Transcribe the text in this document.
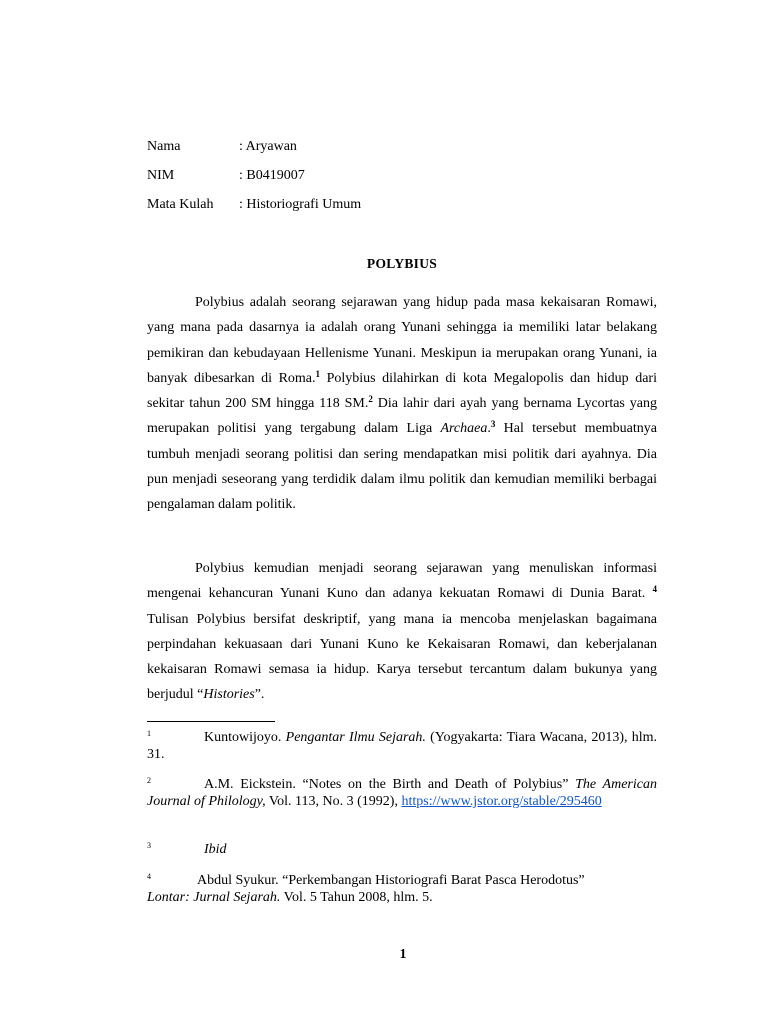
Nama	: Aryawan
NIM	: B0419007
Mata Kulah	: Historiografi Umum
POLYBIUS

Polybius adalah seorang sejarawan yang hidup pada masa kekaisaran Romawi, yang mana pada dasarnya ia adalah orang Yunani sehingga ia memiliki latar belakang pemikiran dan kebudayaan Hellenisme Yunani. Meskipun ia merupakan orang Yunani, ia banyak dibesarkan di Roma.$^1$ Polybius dilahirkan di kota Megalopolis dan hidup dari sekitar tahun 200 SM hingga 118 SM.$^2$ Dia lahir dari ayah yang bernama Lycortas yang merupakan politisi yang tergabung dalam Liga Archaea.$^3$ Hal tersebut membuatnya tumbuh menjadi seorang politisi dan sering mendapatkan misi politik dari ayahnya. Dia pun menjadi seseorang yang terdidik dalam ilmu politik dan kemudian memiliki berbagai pengalaman dalam politik.

Polybius kemudian menjadi seorang sejarawan yang menuliskan informasi mengenai kehancuran Yunani Kuno dan adanya kekuatan Romawi di Dunia Barat. $^4$ Tulisan Polybius bersifat deskriptif, yang mana ia mencoba menjelaskan bagaimana perpindahan kekuasaan dari Yunani Kuno ke Kekaisaran Romawi, dan keberjalanan kekaisaran Romawi semasa ia hidup. Karya tersebut tercantum dalam bukunya yang berjudul “Histories”.

1	Kuntowijoyo. Pengantar Ilmu Sejarah. (Yogyakarta: Tiara Wacana, 2013), hlm. 31.

2	A.M. Eickstein. “Notes on the Birth and Death of Polybius” The American Journal of Philology, Vol. 113, No. 3 (1992), https://www.jstor.org/stable/295460

3	Ibid

4	Abdul Syukur. “Perkembangan Historiografi Barat Pasca Herodotus”
Lontar: Jurnal Sejarah. Vol. 5 Tahun 2008, hlm. 5.

1
